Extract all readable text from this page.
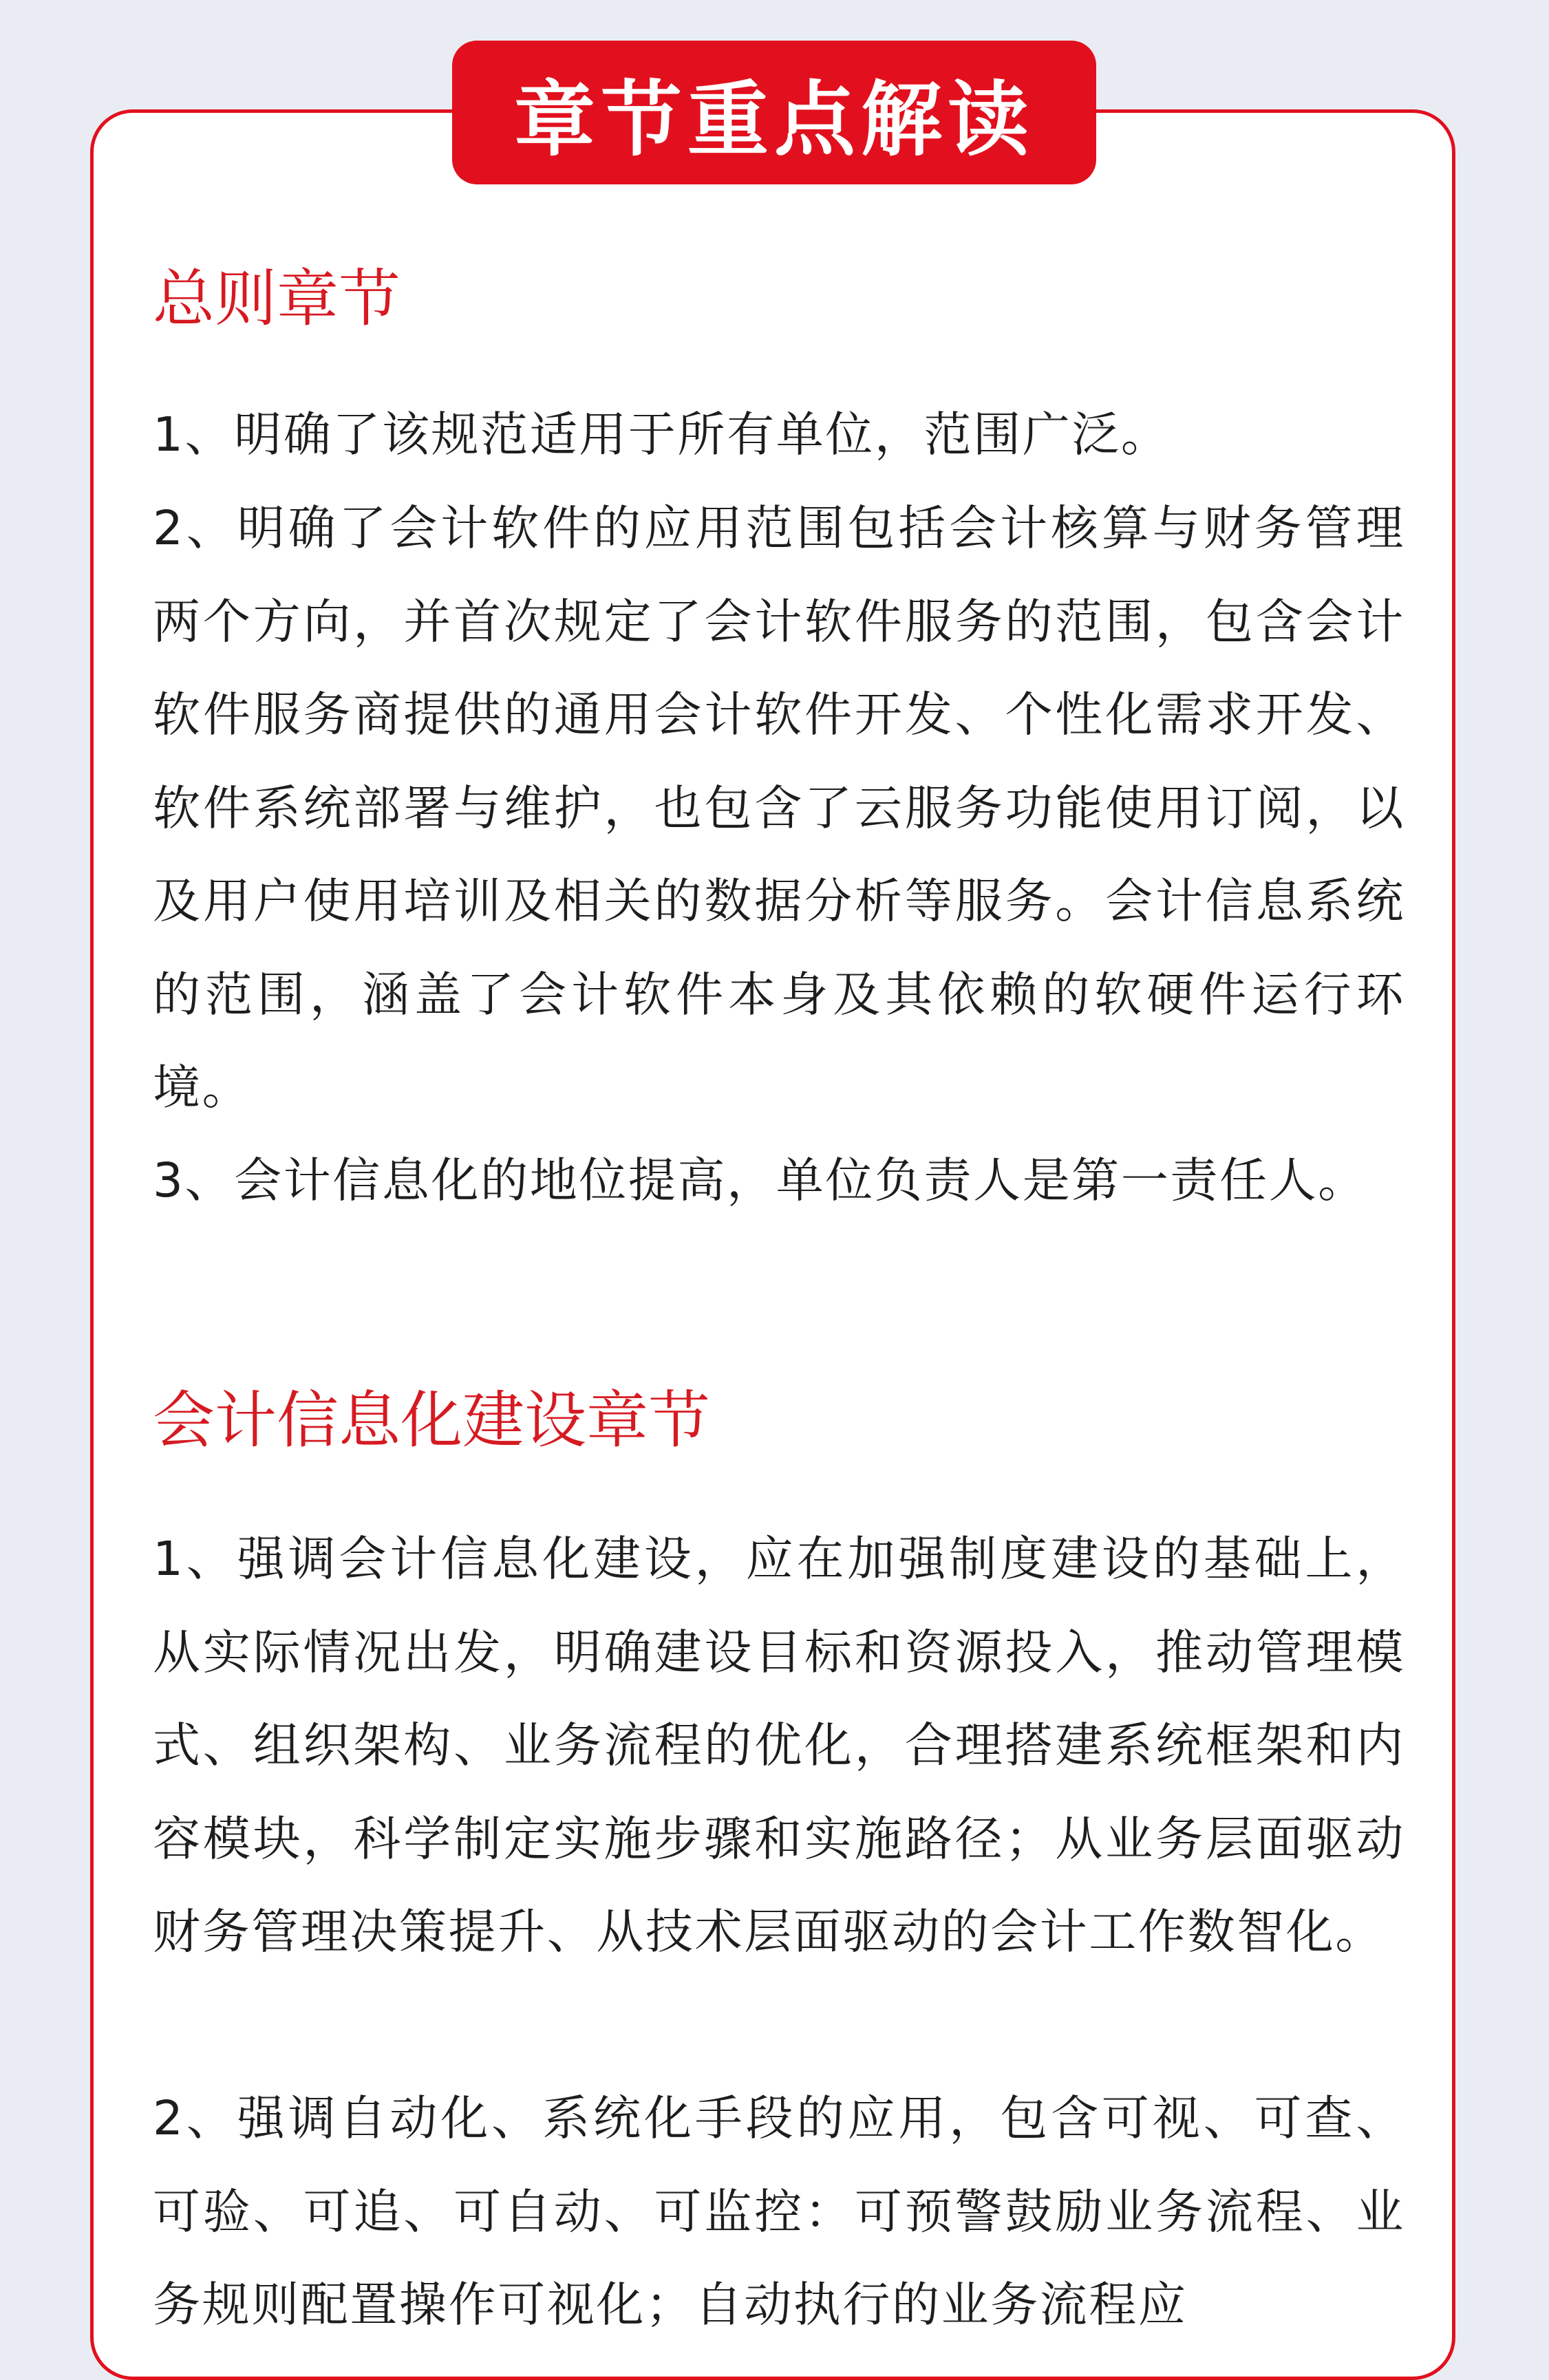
章节重点解读
总则章节
1、明确了该规范适用于所有单位，范围广泛。
2、明确了会计软件的应用范围包括会计核算与财务管理两个方向，并首次规定了会计软件服务的范围，包含会计软件服务商提供的通用会计软件开发、个性化需求开发、软件系统部署与维护，也包含了云服务功能使用订阅，以及用户使用培训及相关的数据分析等服务。会计信息系统的范围，涵盖了会计软件本身及其依赖的软硬件运行环境。
3、会计信息化的地位提高，单位负责人是第一责任人。
会计信息化建设章节
1、强调会计信息化建设，应在加强制度建设的基础上，从实际情况出发，明确建设目标和资源投入，推动管理模式、组织架构、业务流程的优化，合理搭建系统框架和内容模块，科学制定实施步骤和实施路径；从业务层面驱动财务管理决策提升、从技术层面驱动的会计工作数智化。
2、强调自动化、系统化手段的应用，包含可视、可查、可验、可追、可自动、可监控：可预警鼓励业务流程、业务规则配置操作可视化；自动执行的业务流程应
